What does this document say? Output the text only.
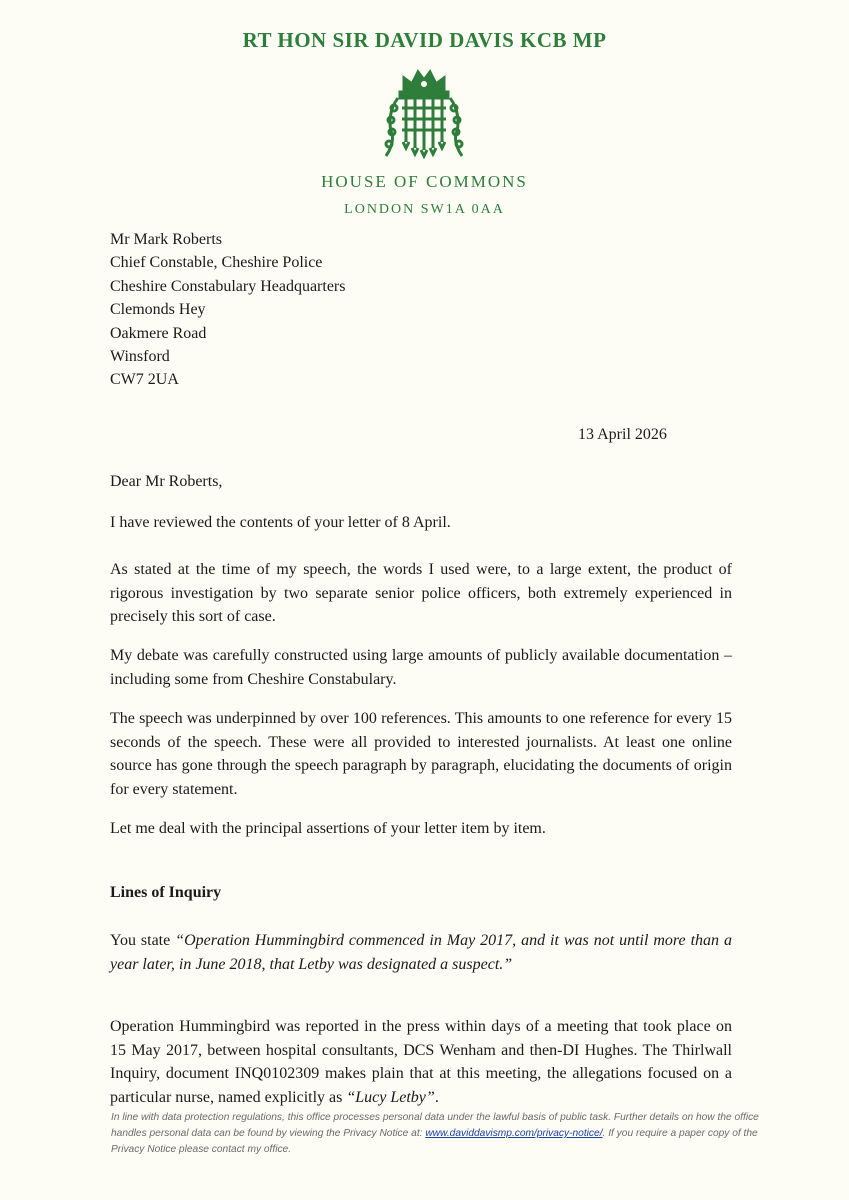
RT HON SIR DAVID DAVIS KCB MP
HOUSE OF COMMONS
LONDON SW1A 0AA
Mr Mark Roberts
Chief Constable, Cheshire Police
Cheshire Constabulary Headquarters
Clemonds Hey
Oakmere Road
Winsford
CW7 2UA
13 April 2026

Dear Mr Roberts,

I have reviewed the contents of your letter of 8 April.

As stated at the time of my speech, the words I used were, to a large extent, the product of rigorous investigation by two separate senior police officers, both extremely experienced in precisely this sort of case.

My debate was carefully constructed using large amounts of publicly available documentation – including some from Cheshire Constabulary.

The speech was underpinned by over 100 references. This amounts to one reference for every 15 seconds of the speech. These were all provided to interested journalists. At least one online source has gone through the speech paragraph by paragraph, elucidating the documents of origin for every statement.

Let me deal with the principal assertions of your letter item by item.

Lines of Inquiry

You state “Operation Hummingbird commenced in May 2017, and it was not until more than a year later, in June 2018, that Letby was designated a suspect.”

Operation Hummingbird was reported in the press within days of a meeting that took place on 15 May 2017, between hospital consultants, DCS Wenham and then-DI Hughes. The Thirlwall Inquiry, document INQ0102309 makes plain that at this meeting, the allegations focused on a particular nurse, named explicitly as “Lucy Letby”.

In line with data protection regulations, this office processes personal data under the lawful basis of public task. Further details on how the office handles personal data can be found by viewing the Privacy Notice at: www.daviddavismp.com/privacy-notice/. If you require a paper copy of the Privacy Notice please contact my office.
